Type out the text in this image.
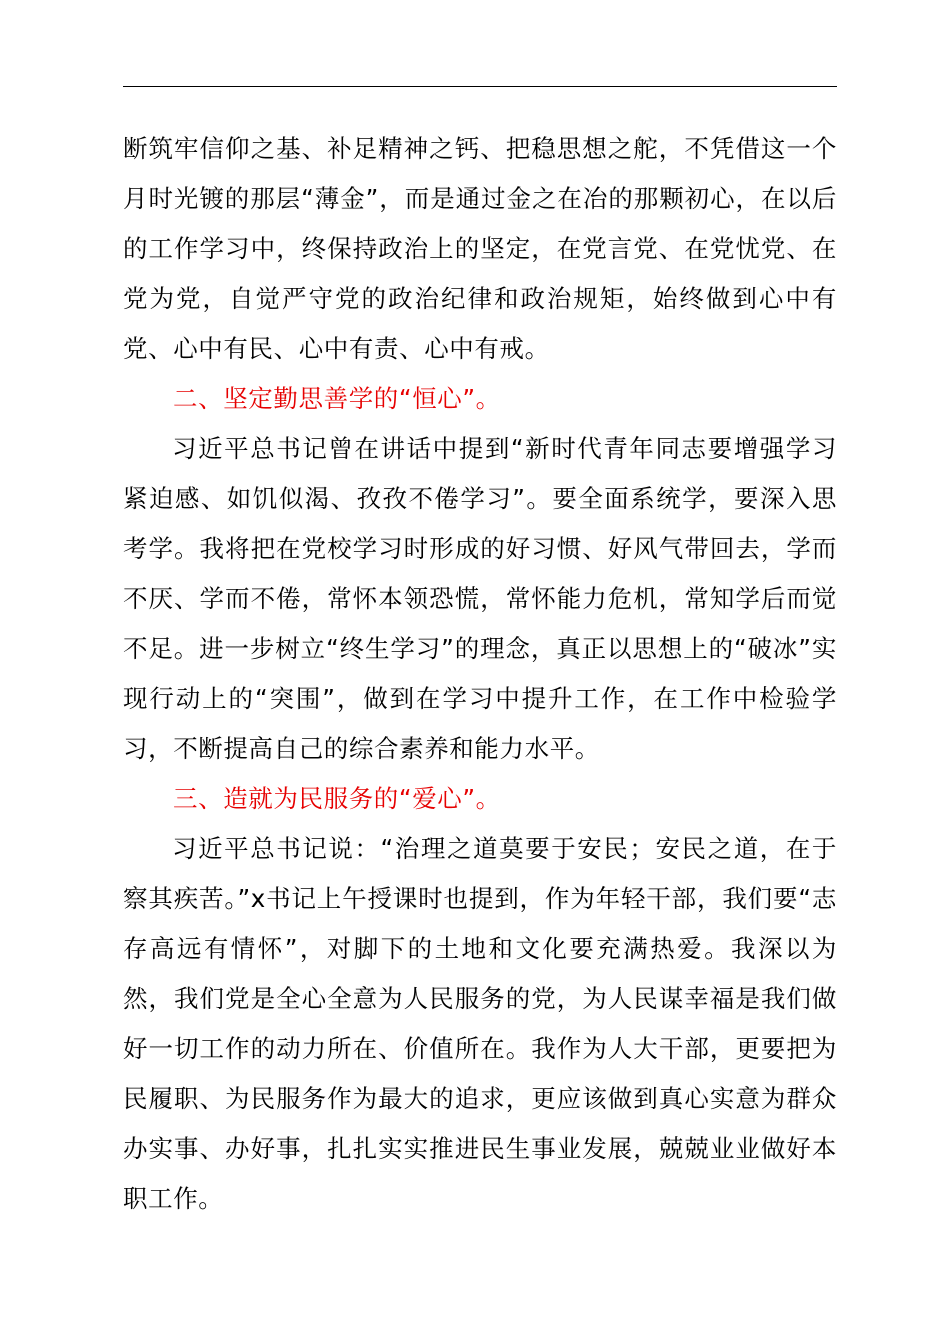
断筑牢信仰之基、补足精神之钙、把稳思想之舵，不凭借这一个月时光镀的那层“薄金”，而是通过金之在冶的那颗初心，在以后的工作学习中，终保持政治上的坚定，在党言党、在党忧党、在党为党，自觉严守党的政治纪律和政治规矩，始终做到心中有党、心中有民、心中有责、心中有戒。

二、坚定勤思善学的“恒心”。

习近平总书记曾在讲话中提到“新时代青年同志要增强学习紧迫感、如饥似渴、孜孜不倦学习”。要全面系统学，要深入思考学。我将把在党校学习时形成的好习惯、好风气带回去，学而不厌、学而不倦，常怀本领恐慌，常怀能力危机，常知学后而觉不足。进一步树立“终生学习”的理念，真正以思想上的“破冰”实现行动上的“突围”，做到在学习中提升工作，在工作中检验学习，不断提高自己的综合素养和能力水平。

三、造就为民服务的“爱心”。

习近平总书记说：“治理之道莫要于安民；安民之道，在于察其疾苦。”x书记上午授课时也提到，作为年轻干部，我们要“志存高远有情怀”，对脚下的土地和文化要充满热爱。我深以为然，我们党是全心全意为人民服务的党，为人民谋幸福是我们做好一切工作的动力所在、价值所在。我作为人大干部，更要把为民履职、为民服务作为最大的追求，更应该做到真心实意为群众办实事、办好事，扎扎实实推进民生事业发展，兢兢业业做好本职工作。
